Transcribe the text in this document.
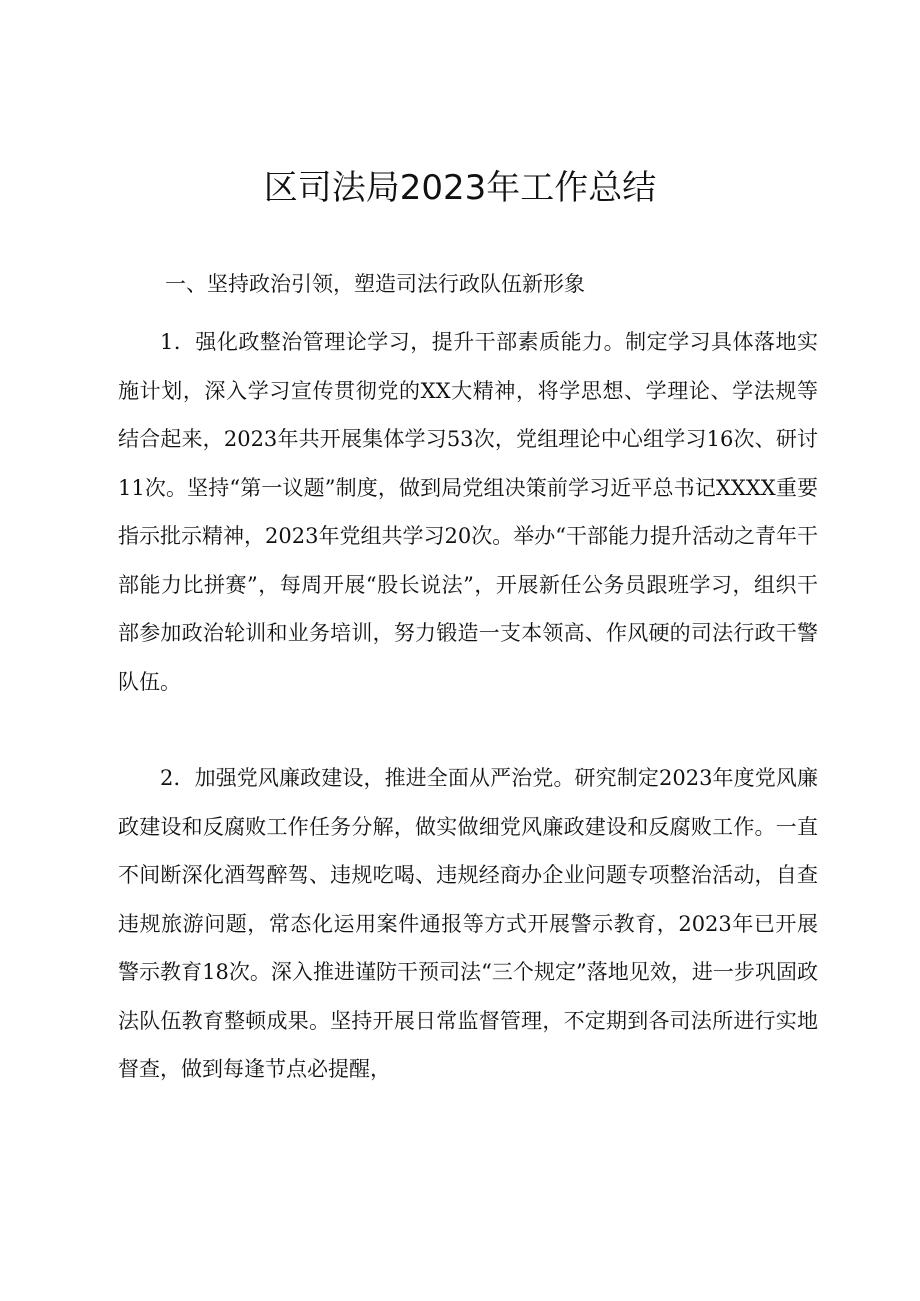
区司法局2023年工作总结
一、坚持政治引领，塑造司法行政队伍新形象

1．强化政整治管理论学习，提升干部素质能力。制定学习具体落地实施计划，深入学习宣传贯彻党的XX大精神，将学思想、学理论、学法规等结合起来，2023年共开展集体学习53次，党组理论中心组学习16次、研讨11次。坚持“第一议题”制度，做到局党组决策前学习近平总书记XXXX重要指示批示精神，2023年党组共学习20次。举办“干部能力提升活动之青年干部能力比拼赛”，每周开展“股长说法”，开展新任公务员跟班学习，组织干部参加政治轮训和业务培训，努力锻造一支本领高、作风硬的司法行政干警队伍。

2．加强党风廉政建设，推进全面从严治党。研究制定2023年度党风廉政建设和反腐败工作任务分解，做实做细党风廉政建设和反腐败工作。一直不间断深化酒驾醉驾、违规吃喝、违规经商办企业问题专项整治活动，自查违规旅游问题，常态化运用案件通报等方式开展警示教育，2023年已开展警示教育18次。深入推进谨防干预司法“三个规定”落地见效，进一步巩固政法队伍教育整顿成果。坚持开展日常监督管理，不定期到各司法所进行实地督查，做到每逢节点必提醒，
